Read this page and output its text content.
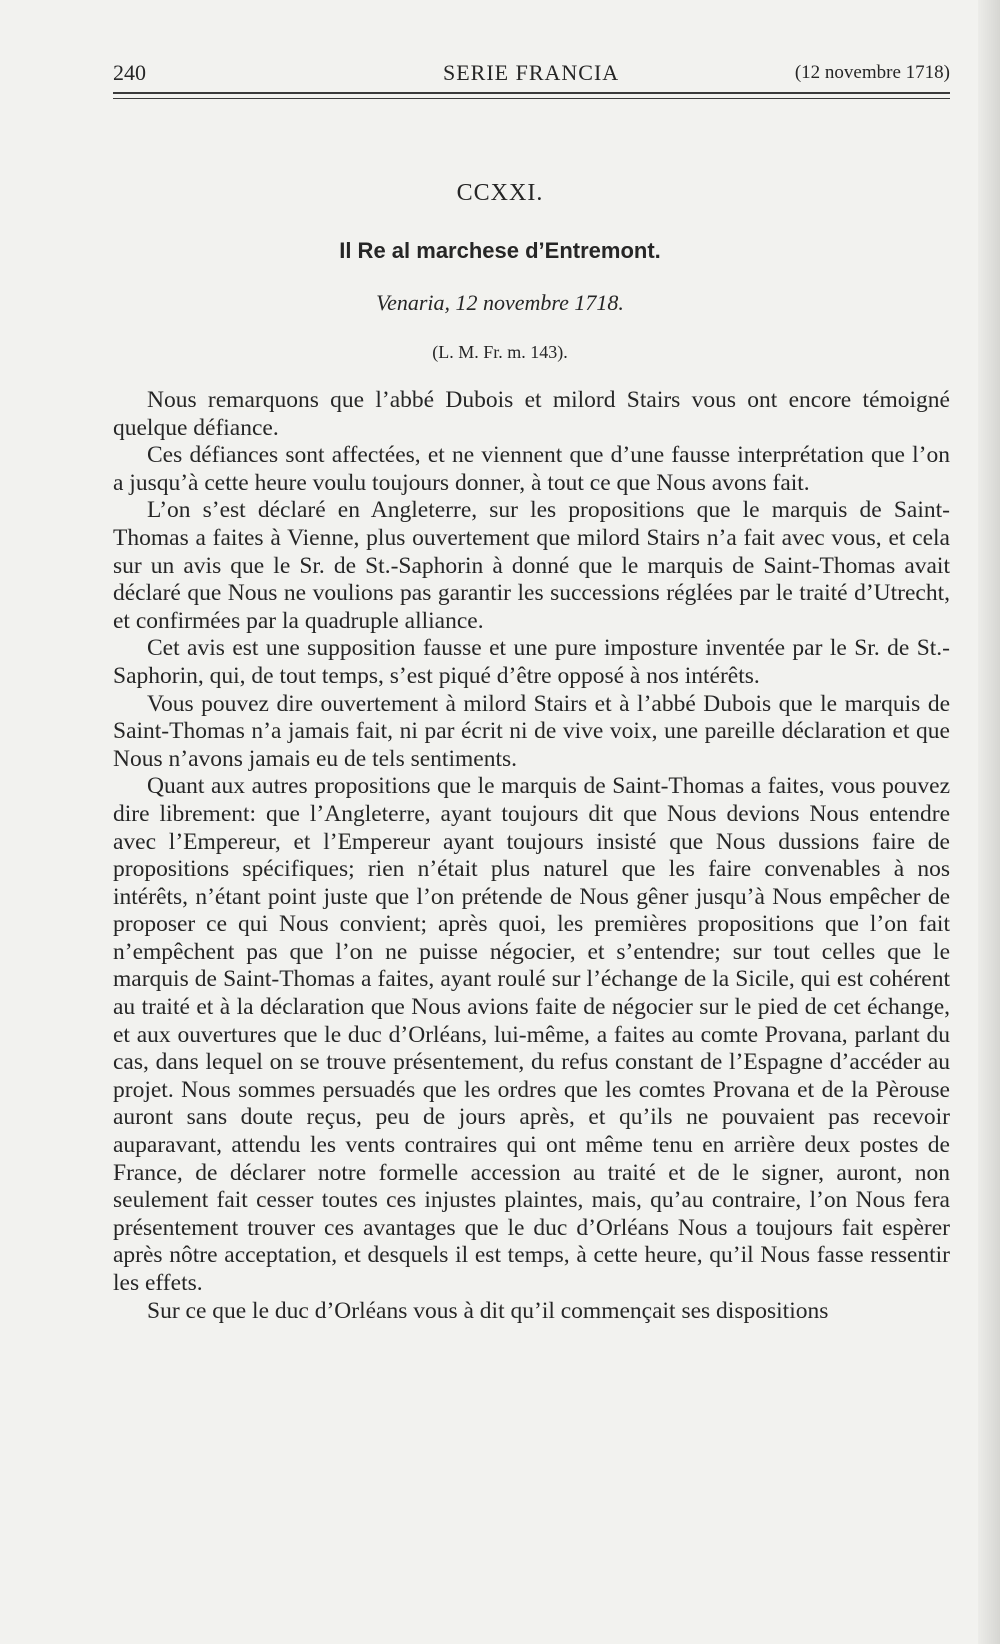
240	SERIE FRANCIA	(12 novembre 1718)
CCXXI.
Il Re al marchese d’Entremont.
Venaria, 12 novembre 1718.
(L. M. Fr. m. 143).

Nous remarquons que l’abbé Dubois et milord Stairs vous ont encore témoigné quelque défiance.

Ces défiances sont affectées, et ne viennent que d’une fausse interprétation que l’on a jusqu’à cette heure voulu toujours donner, à tout ce que Nous avons fait.

L’on s’est déclaré en Angleterre, sur les propositions que le marquis de Saint-Thomas a faites à Vienne, plus ouvertement que milord Stairs n’a fait avec vous, et cela sur un avis que le Sr. de St.-Saphorin à donné que le marquis de Saint-Thomas avait déclaré que Nous ne voulions pas garantir les successions réglées par le traité d’Utrecht, et confirmées par la quadruple alliance.

Cet avis est une supposition fausse et une pure imposture inventée par le Sr. de St.-Saphorin, qui, de tout temps, s’est piqué d’être opposé à nos intérêts.

Vous pouvez dire ouvertement à milord Stairs et à l’abbé Dubois que le marquis de Saint-Thomas n’a jamais fait, ni par écrit ni de vive voix, une pareille déclaration et que Nous n’avons jamais eu de tels sentiments.

Quant aux autres propositions que le marquis de Saint-Thomas a faites, vous pouvez dire librement: que l’Angleterre, ayant toujours dit que Nous devions Nous entendre avec l’Empereur, et l’Empereur ayant toujours insisté que Nous dussions faire de propositions spécifiques; rien n’était plus naturel que les faire convenables à nos intérêts, n’étant point juste que l’on prétende de Nous gêner jusqu’à Nous empêcher de proposer ce qui Nous convient; après quoi, les premières propositions que l’on fait n’empêchent pas que l’on ne puisse négocier, et s’entendre; sur tout celles que le marquis de Saint-Thomas a faites, ayant roulé sur l’échange de la Sicile, qui est cohérent au traité et à la déclaration que Nous avions faite de négocier sur le pied de cet échange, et aux ouvertures que le duc d’Orléans, lui-même, a faites au comte Provana, parlant du cas, dans lequel on se trouve présentement, du refus constant de l’Espagne d’accéder au projet. Nous sommes persuadés que les ordres que les comtes Provana et de la Pèrouse auront sans doute reçus, peu de jours après, et qu’ils ne pouvaient pas recevoir auparavant, attendu les vents contraires qui ont même tenu en arrière deux postes de France, de déclarer notre formelle accession au traité et de le signer, auront, non seulement fait cesser toutes ces injustes plaintes, mais, qu’au contraire, l’on Nous fera présentement trouver ces avantages que le duc d’Orléans Nous a toujours fait espèrer après nôtre acceptation, et desquels il est temps, à cette heure, qu’il Nous fasse ressentir les effets.

Sur ce que le duc d’Orléans vous à dit qu’il commençait ses dispositions
